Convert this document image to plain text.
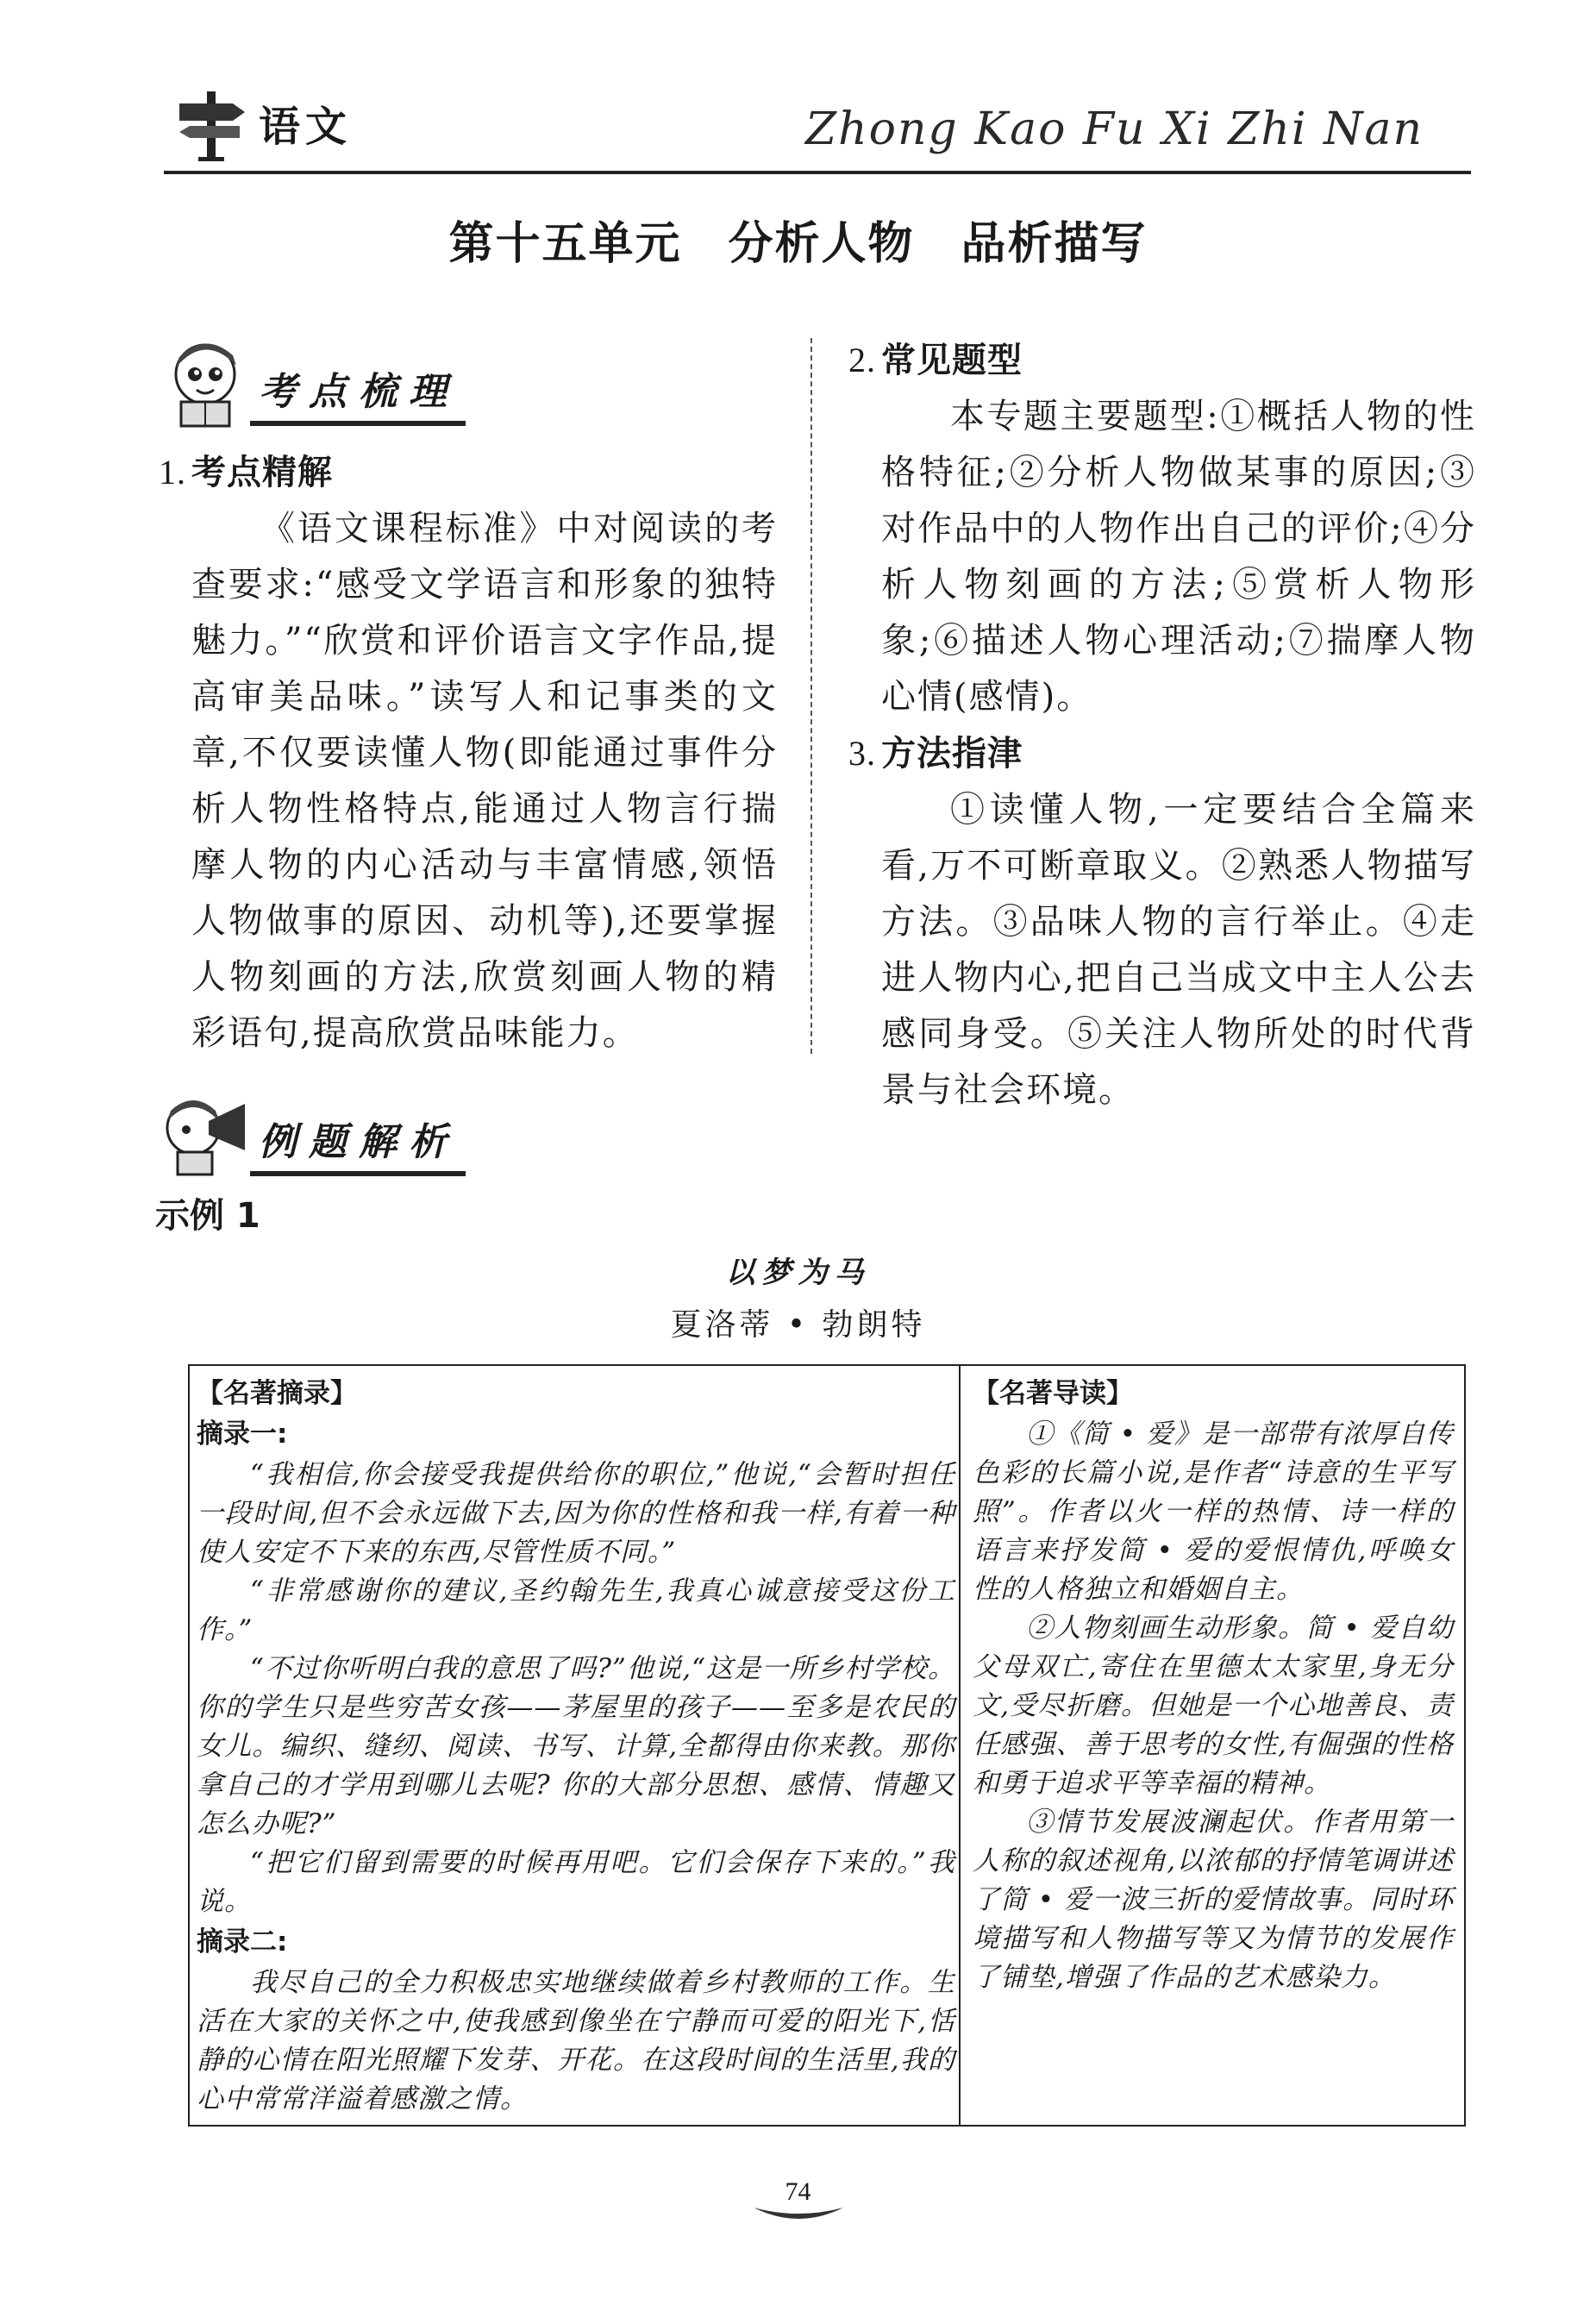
语文	Zhong Kao Fu Xi Zhi Nan
第十五单元　分析人物　品析描写
考点梳理
例题解析
1. 考点精解

《语文课程标准》中对阅读的考查要求:“感受文学语言和形象的独特魅力。”“欣赏和评价语言文字作品,提高审美品味。”读写人和记事类的文章,不仅要读懂人物(即能通过事件分析人物性格特点,能通过人物言行揣摩人物的内心活动与丰富情感,领悟人物做事的原因、动机等),还要掌握人物刻画的方法,欣赏刻画人物的精彩语句,提高欣赏品味能力。

2. 常见题型

本专题主要题型:①概括人物的性格特征;②分析人物做某事的原因;③对作品中的人物作出自己的评价;④分析人物刻画的方法;⑤赏析人物形象;⑥描述人物心理活动;⑦揣摩人物心情(感情)。

3. 方法指津

①读懂人物,一定要结合全篇来看,万不可断章取义。②熟悉人物描写方法。③品味人物的言行举止。④走进人物内心,把自己当成文中主人公去感同身受。⑤关注人物所处的时代背景与社会环境。

示例 1
以梦为马
夏洛蒂 • 勃朗特
【名著摘录】
摘录一:

“我相信,你会接受我提供给你的职位,”他说,“会暂时担任一段时间,但不会永远做下去,因为你的性格和我一样,有着一种使人安定不下来的东西,尽管性质不同。”

“非常感谢你的建议,圣约翰先生,我真心诚意接受这份工作。”

“不过你听明白我的意思了吗?”他说,“这是一所乡村学校。你的学生只是些穷苦女孩——茅屋里的孩子——至多是农民的女儿。编织、缝纫、阅读、书写、计算,全都得由你来教。那你拿自己的才学用到哪儿去呢? 你的大部分思想、感情、情趣又怎么办呢?”

“把它们留到需要的时候再用吧。它们会保存下来的。”我说。

摘录二:

我尽自己的全力积极忠实地继续做着乡村教师的工作。生活在大家的关怀之中,使我感到像坐在宁静而可爱的阳光下,恬静的心情在阳光照耀下发芽、开花。在这段时间的生活里,我的心中常常洋溢着感激之情。

【名著导读】

①《简 • 爱》是一部带有浓厚自传色彩的长篇小说,是作者“诗意的生平写照”。作者以火一样的热情、诗一样的语言来抒发简 • 爱的爱恨情仇,呼唤女性的人格独立和婚姻自主。

②人物刻画生动形象。简 • 爱自幼父母双亡,寄住在里德太太家里,身无分文,受尽折磨。但她是一个心地善良、责任感强、善于思考的女性,有倔强的性格和勇于追求平等幸福的精神。

③情节发展波澜起伏。作者用第一人称的叙述视角,以浓郁的抒情笔调讲述了简 • 爱一波三折的爱情故事。同时环境描写和人物描写等又为情节的发展作了铺垫,增强了作品的艺术感染力。

74
